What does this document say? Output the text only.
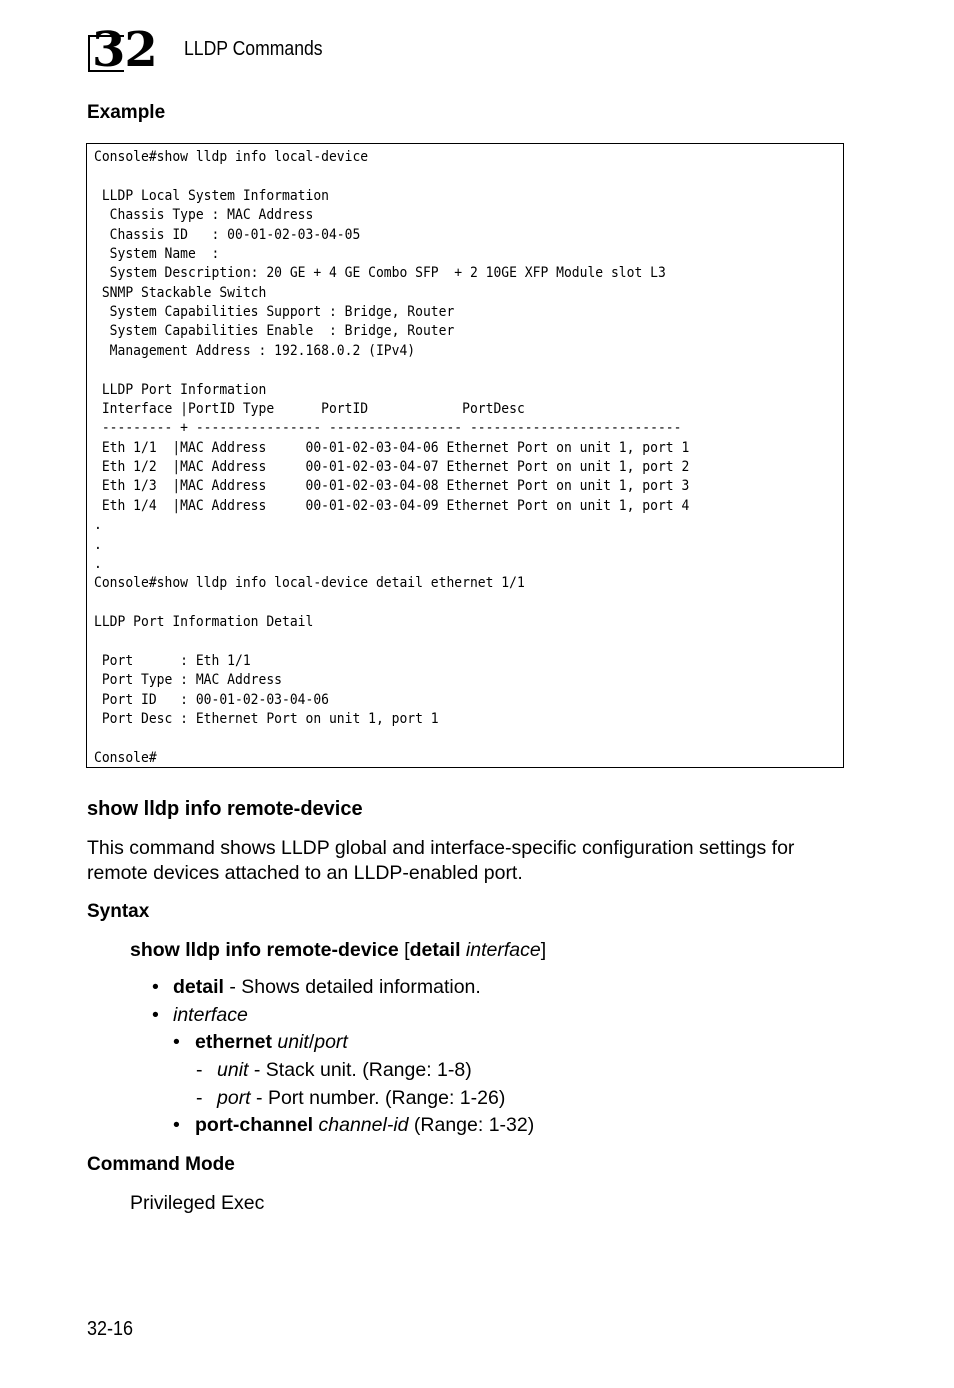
32 LLDP Commands
Example
Console#show lldp info local-device

LLDP Local System Information
Chassis Type : MAC Address
Chassis ID   : 00-01-02-03-04-05
System Name  :
System Description: 20 GE + 4 GE Combo SFP  + 2 10GE XFP Module slot L3
SNMP Stackable Switch
System Capabilities Support : Bridge, Router
System Capabilities Enable  : Bridge, Router
Management Address : 192.168.0.2 (IPv4)

LLDP Port Information
Interface |PortID Type      PortID            PortDesc
--------- + ---------------- ----------------- ---------------------------
Eth 1/1  |MAC Address     00-01-02-03-04-06 Ethernet Port on unit 1, port 1
Eth 1/2  |MAC Address     00-01-02-03-04-07 Ethernet Port on unit 1, port 2
Eth 1/3  |MAC Address     00-01-02-03-04-08 Ethernet Port on unit 1, port 3
Eth 1/4  |MAC Address     00-01-02-03-04-09 Ethernet Port on unit 1, port 4
.
.
.
Console#show lldp info local-device detail ethernet 1/1

LLDP Port Information Detail

Port      : Eth 1/1
Port Type : MAC Address
Port ID   : 00-01-02-03-04-06
Port Desc : Ethernet Port on unit 1, port 1

Console#
show lldp info remote-device
This command shows LLDP global and interface-specific configuration settings for remote devices attached to an LLDP-enabled port.
Syntax
show lldp info remote-device [detail interface]
• detail - Shows detailed information.
• interface
• ethernet unit/port
- unit - Stack unit. (Range: 1-8)
- port - Port number. (Range: 1-26)
• port-channel channel-id (Range: 1-32)
Command Mode
Privileged Exec
32-16
